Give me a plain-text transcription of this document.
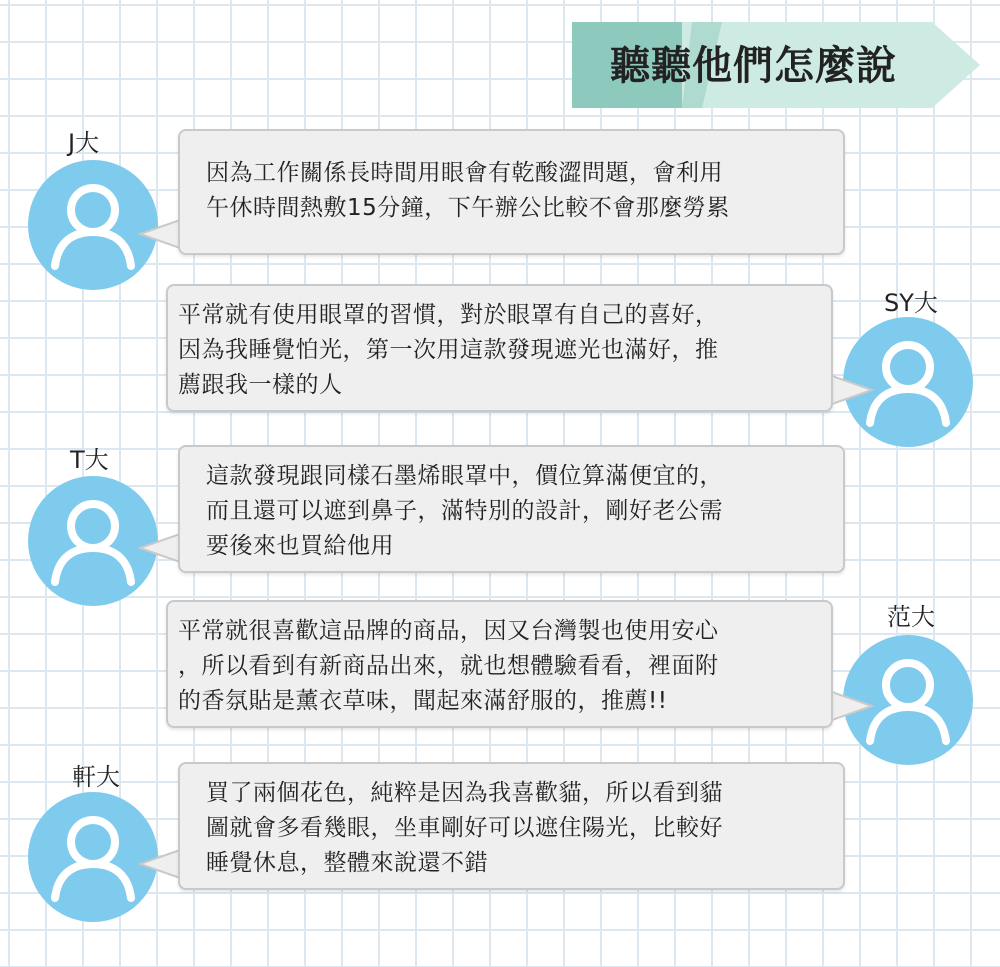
聽聽他們怎麼說
J大
因為工作關係長時間用眼會有乾酸澀問題，會利用
午休時間熱敷15分鐘，下午辦公比較不會那麼勞累
SY大
平常就有使用眼罩的習慣，對於眼罩有自己的喜好，
因為我睡覺怕光，第一次用這款發現遮光也滿好，推
薦跟我一樣的人
T大
這款發現跟同樣石墨烯眼罩中，價位算滿便宜的，
而且還可以遮到鼻子，滿特別的設計，剛好老公需
要後來也買給他用
范大
平常就很喜歡這品牌的商品，因又台灣製也使用安心
，所以看到有新商品出來，就也想體驗看看，裡面附
的香氛貼是薰衣草味，聞起來滿舒服的，推薦!!
軒大
買了兩個花色，純粹是因為我喜歡貓，所以看到貓
圖就會多看幾眼，坐車剛好可以遮住陽光，比較好
睡覺休息，整體來說還不錯
